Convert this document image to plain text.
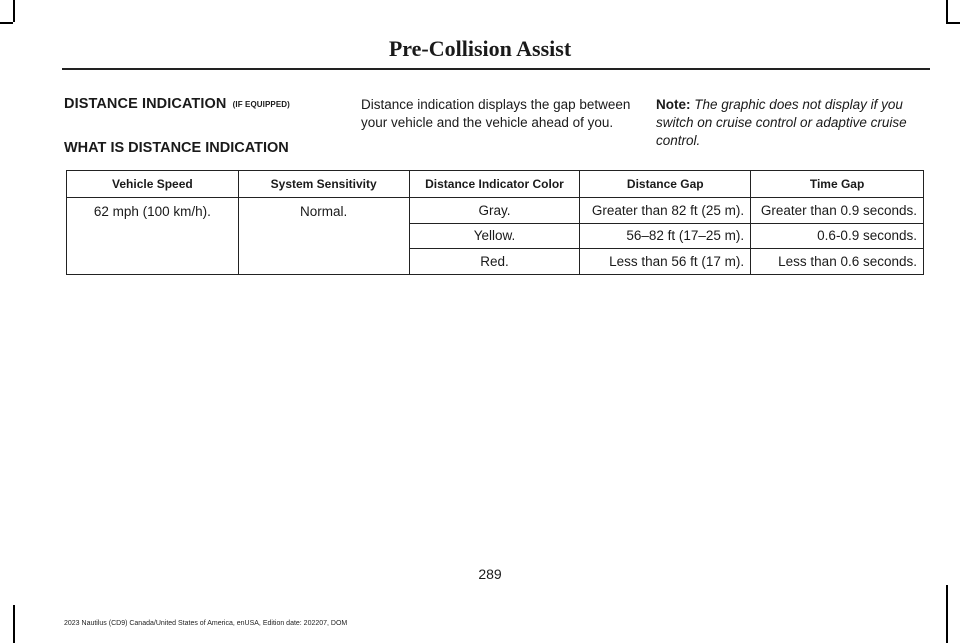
Pre-Collision Assist
DISTANCE INDICATION (IF EQUIPPED)
WHAT IS DISTANCE INDICATION
Distance indication displays the gap between your vehicle and the vehicle ahead of you.
Note: The graphic does not display if you switch on cruise control or adaptive cruise control.
Vehicle Speed	System Sensitivity	Distance Indicator Color	Distance Gap	Time Gap
62 mph (100 km/h).	Normal.	Gray.	Greater than 82 ft (25 m).	Greater than 0.9 seconds.
		Yellow.	56–82 ft (17–25 m).	0.6-0.9 seconds.
		Red.	Less than 56 ft (17 m).	Less than 0.6 seconds.
289
2023 Nautilus (CD9) Canada/United States of America, enUSA, Edition date: 202207, DOM
